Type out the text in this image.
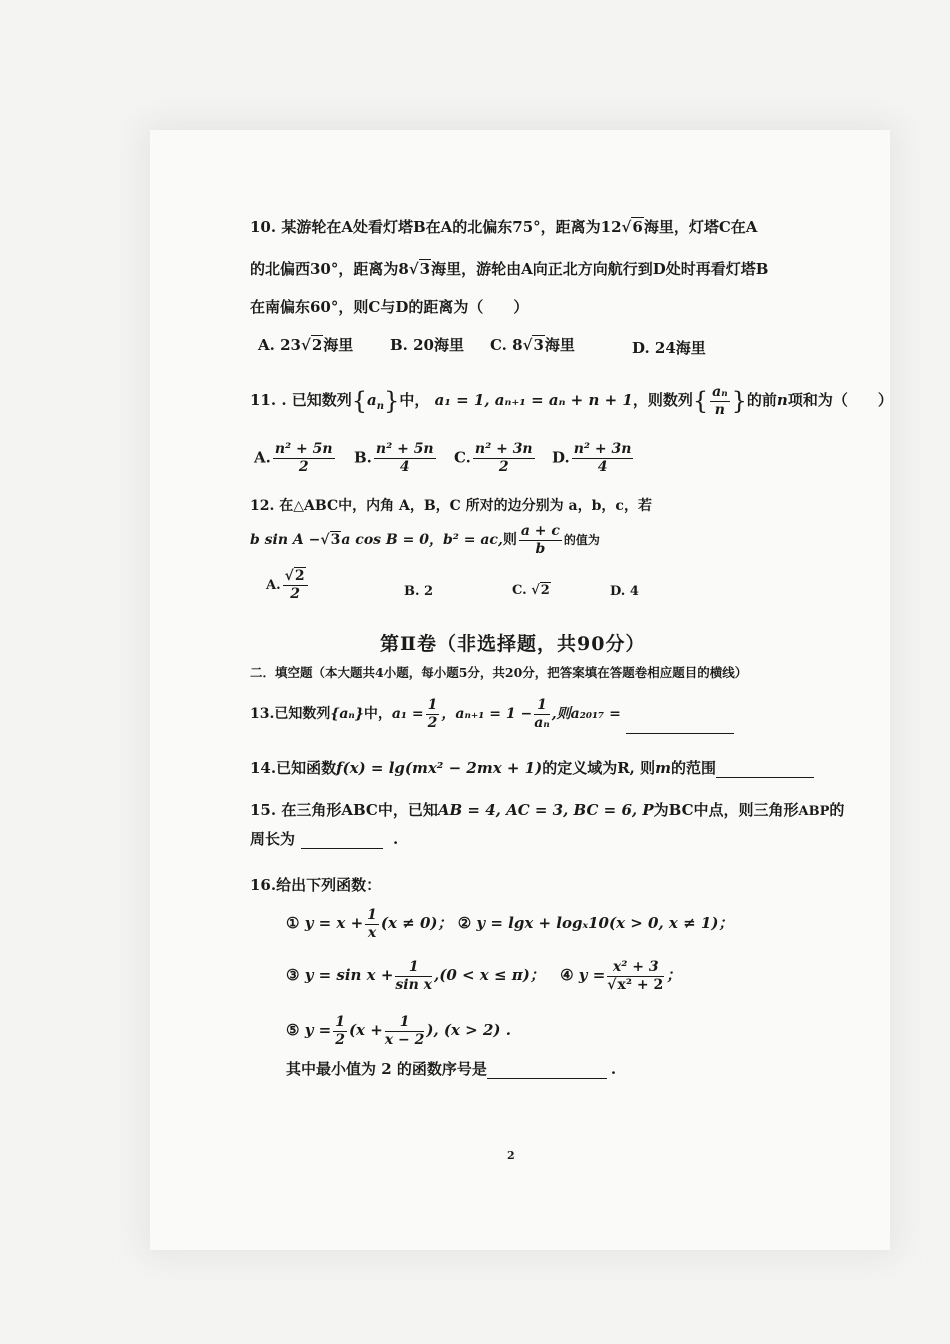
10. 某游轮在A处看灯塔B在A的北偏东75°，距离为12√6海里，灯塔C在A
的北偏西30°，距离为8√3海里，游轮由A向正北方向航行到D处时再看灯塔B
在南偏东60°，则C与D的距离为（　　）
A. 23√2海里 B. 20海里 C. 8√3海里	D. 24海里
11. . 已知数列$\{a_n\}$中， a₁ = 1, aₙ₊₁ = aₙ + n + 1，则数列{ $\frac{\text{aₙ}}{n}$ }的前n项和为（　　）
A. $\frac{\text{n² + 5n}}{2} B$. $\frac{\text{n² + 5n}}{4} C$. $\frac{\text{n² + 3n}}{2} D$. $\frac{\text{n² + 3n}}{4}$
12. 在△ABC中，内角 A，B，C 所对的边分别为 a，b，c，若
b sin A −√3a cos B = 0，b² = ac,则 $\frac{a + c}{b}$ 的值为
A. $\frac{√2}{2}$	B. 2	C. √2	D. 4
第Ⅱ卷（非选择题，共90分）
二．填空题（本大题共4小题，每小题5分，共20分，把答案填在答题卷相应题目的横线）
13.已知数列{aₙ}中，$a_1 = \frac{1}{2}$ ，$a_{n+1} = 1 - \frac{1}{\text{aₙ}}$ ,则a₂₀₁₇ =
14.已知函数f(x) = lg(mx² − 2mx + 1)的定义域为R, 则m的范围
15. 在三角形ABC中，已知AB = 4, AC = 3, BC = 6, P为BC中点，则三角形ABP的
周长为	.
16.给出下列函数：
① $y = x + \frac{1}{x} (x \ne 0)$； ② y = lgx + logₓ10(x > 0, x ≠ 1)；
③ $y = \sin x + \frac{1}{\text{sin x}} ,(0 < x \le \pi)$； ④ $y = \frac{\text{x² + 3}}{\text{√x² + 2}}$ ；
⑤ $y = \frac{1}{2} (x + \frac{1}{x - 2}$ ), (x > 2) .
其中最小值为 2 的函数序号是	.
2
